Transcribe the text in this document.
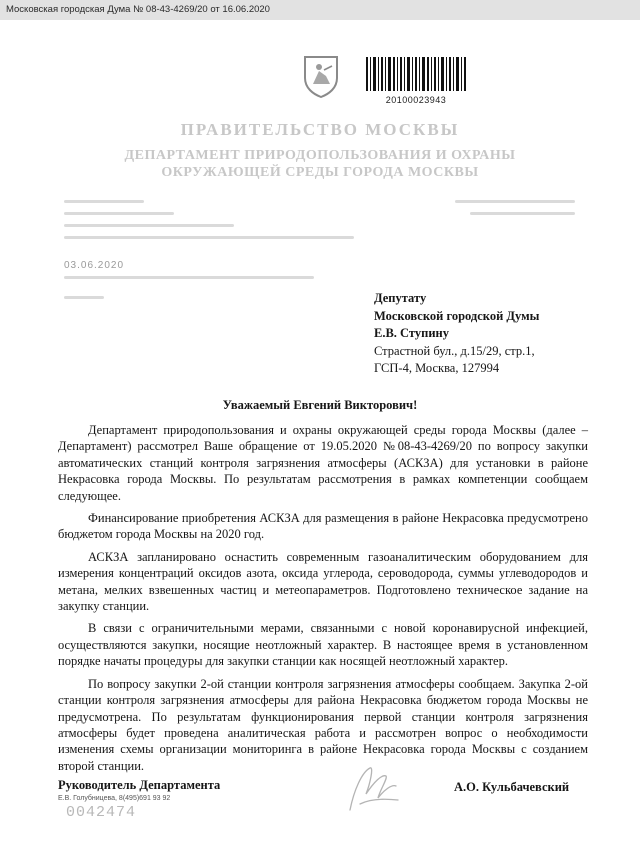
Московская городская Дума № 08-43-4269/20 от 16.06.2020
20100023943
ПРАВИТЕЛЬСТВО МОСКВЫ
ДЕПАРТАМЕНТ ПРИРОДОПОЛЬЗОВАНИЯ И ОХРАНЫ
ОКРУЖАЮЩЕЙ СРЕДЫ ГОРОДА МОСКВЫ
03.06.2020
Депутату
Московской городской Думы
Е.В. Ступину
Страстной бул., д.15/29, стр.1,
ГСП-4, Москва, 127994
Уважаемый Евгений Викторович!

Департамент природопользования и охраны окружающей среды города Москвы (далее – Департамент) рассмотрел Ваше обращение от 19.05.2020 №08-43-4269/20 по вопросу закупки автоматических станций контроля загрязнения атмосферы (АСКЗА) для установки в районе Некрасовка города Москвы. По результатам рассмотрения в рамках компетенции сообщаем следующее.

Финансирование приобретения АСКЗА для размещения в районе Некрасовка предусмотрено бюджетом города Москвы на 2020 год.

АСКЗА запланировано оснастить современным газоаналитическим оборудованием для измерения концентраций оксидов азота, оксида углерода, сероводорода, суммы углеводородов и метана, мелких взвешенных частиц и метеопараметров. Подготовлено техническое задание на закупку станции.

В связи с ограничительными мерами, связанными с новой коронавирусной инфекцией, осуществляются закупки, носящие неотложный характер. В настоящее время в установленном порядке начаты процедуры для закупки станции как носящей неотложный характер.

По вопросу закупки 2-ой станции контроля загрязнения атмосферы сообщаем. Закупка 2-ой станции контроля загрязнения атмосферы для района Некрасовка бюджетом города Москвы не предусмотрена. По результатам функционирования первой станции контроля загрязнения атмосферы будет проведена аналитическая работа и рассмотрен вопрос о необходимости изменения схемы организации мониторинга в районе Некрасовка города Москвы с созданием второй станции.

Руководитель Департамента
Е.В. Голубницева, 8(495)691 93 92
0042474
А.О. Кульбачевский
